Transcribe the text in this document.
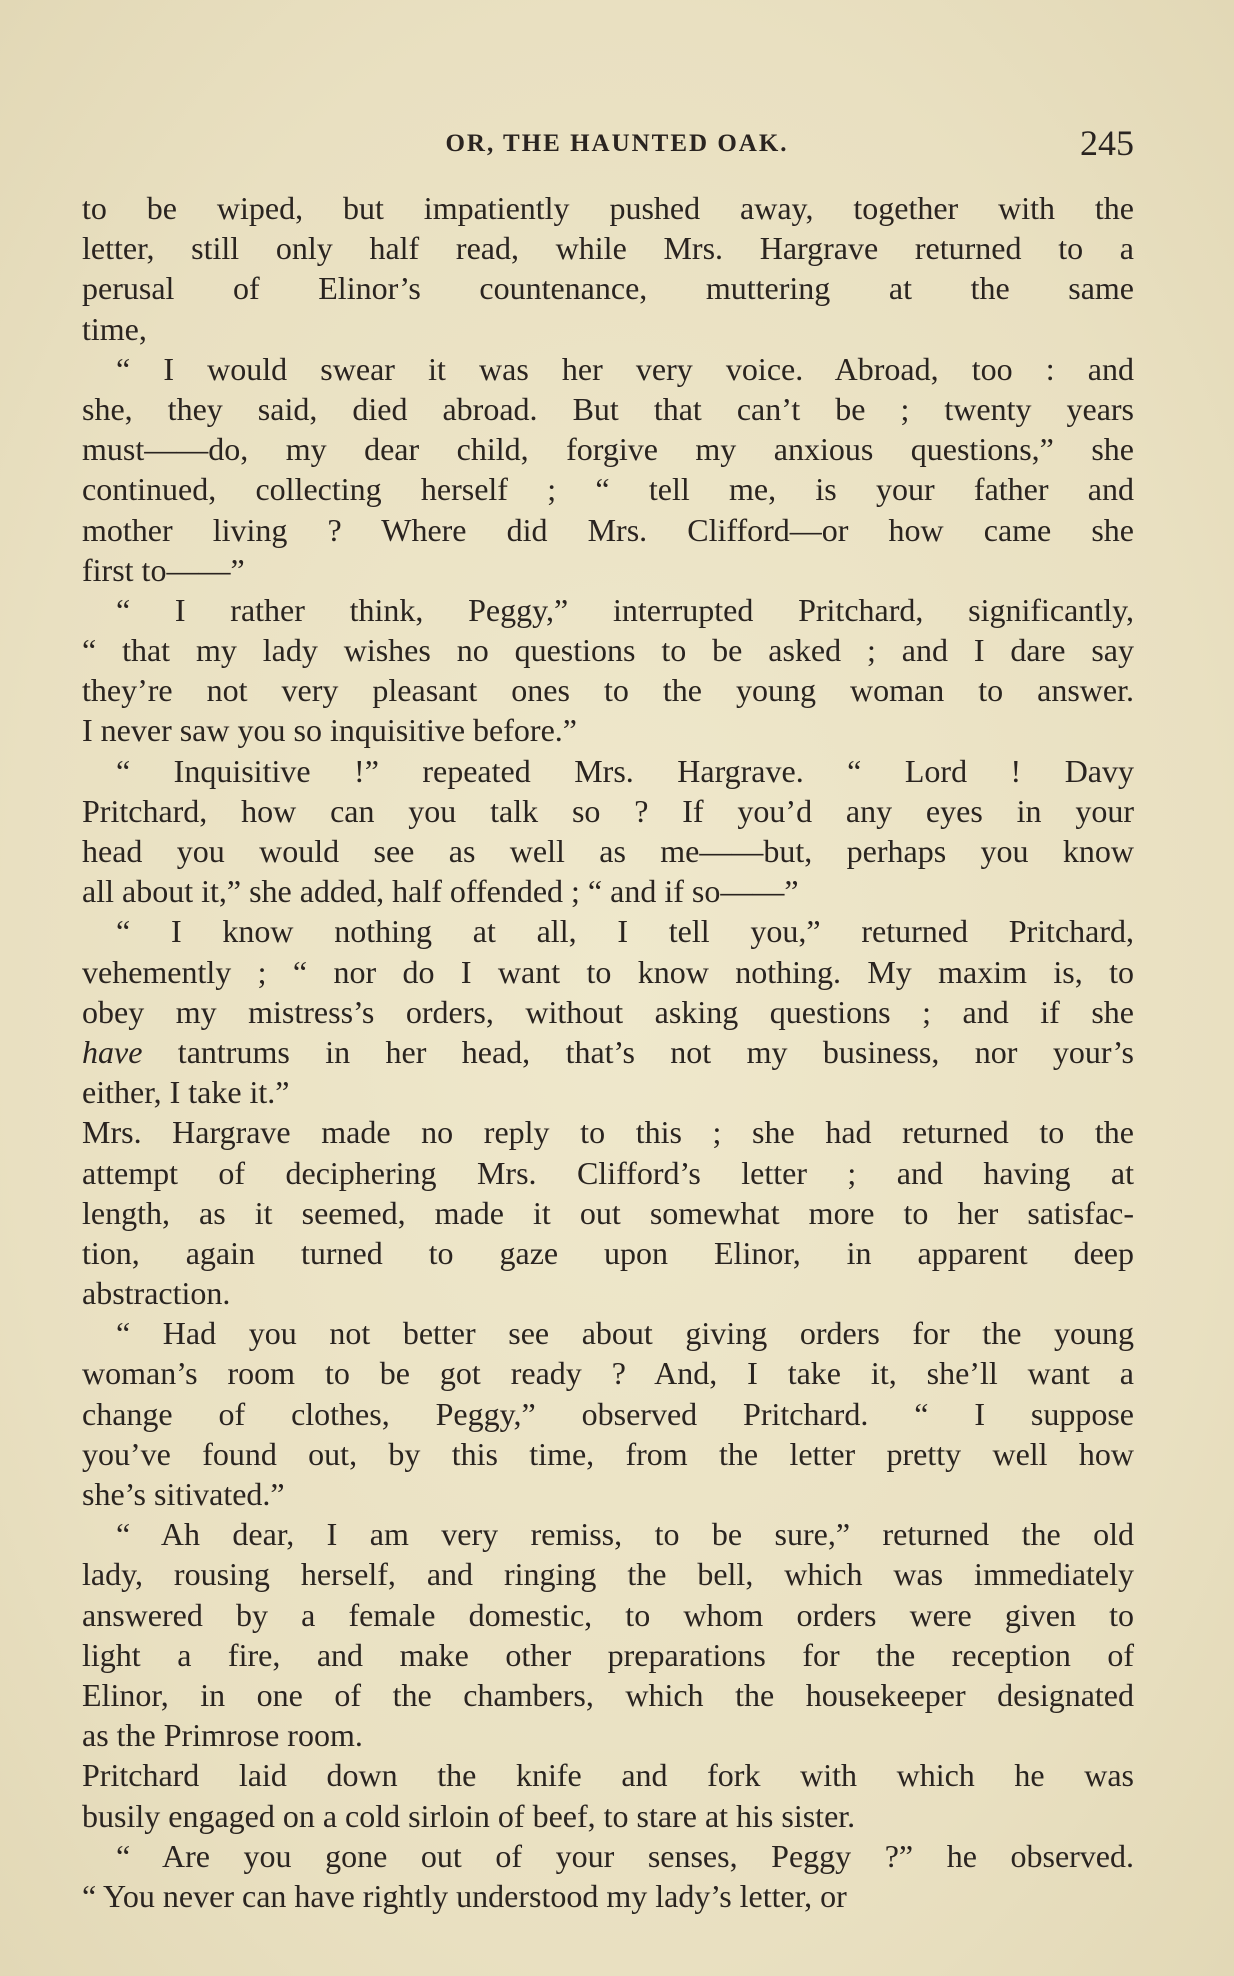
OR, THE HAUNTED OAK.	245
to be wiped, but impatiently pushed away, together with the
letter, still only half read, while Mrs. Hargrave returned to a
perusal of Elinor’s countenance, muttering at the same
time,
“ I would swear it was her very voice. Abroad, too : and
she, they said, died abroad. But that can’t be ; twenty years
must——do, my dear child, forgive my anxious questions,” she
continued, collecting herself ; “ tell me, is your father and
mother living ? Where did Mrs. Clifford—or how came she
first to——”
“ I rather think, Peggy,” interrupted Pritchard, significantly,
“ that my lady wishes no questions to be asked ; and I dare say
they’re not very pleasant ones to the young woman to answer.
I never saw you so inquisitive before.”
“ Inquisitive !” repeated Mrs. Hargrave. “ Lord ! Davy
Pritchard, how can you talk so ? If you’d any eyes in your
head you would see as well as me——but, perhaps you know
all about it,” she added, half offended ; “ and if so——”
“ I know nothing at all, I tell you,” returned Pritchard,
vehemently ; “ nor do I want to know nothing. My maxim is, to
obey my mistress’s orders, without asking questions ; and if she
have tantrums in her head, that’s not my business, nor your’s
either, I take it.”
Mrs. Hargrave made no reply to this ; she had returned to the
attempt of deciphering Mrs. Clifford’s letter ; and having at
length, as it seemed, made it out somewhat more to her satisfac-
tion, again turned to gaze upon Elinor, in apparent deep
abstraction.
“ Had you not better see about giving orders for the young
woman’s room to be got ready ? And, I take it, she’ll want a
change of clothes, Peggy,” observed Pritchard. “ I suppose
you’ve found out, by this time, from the letter pretty well how
she’s sitivated.”
“ Ah dear, I am very remiss, to be sure,” returned the old
lady, rousing herself, and ringing the bell, which was immediately
answered by a female domestic, to whom orders were given to
light a fire, and make other preparations for the reception of
Elinor, in one of the chambers, which the housekeeper designated
as the Primrose room.
Pritchard laid down the knife and fork with which he was
busily engaged on a cold sirloin of beef, to stare at his sister.
“ Are you gone out of your senses, Peggy ?” he observed.
“ You never can have rightly understood my lady’s letter, or
